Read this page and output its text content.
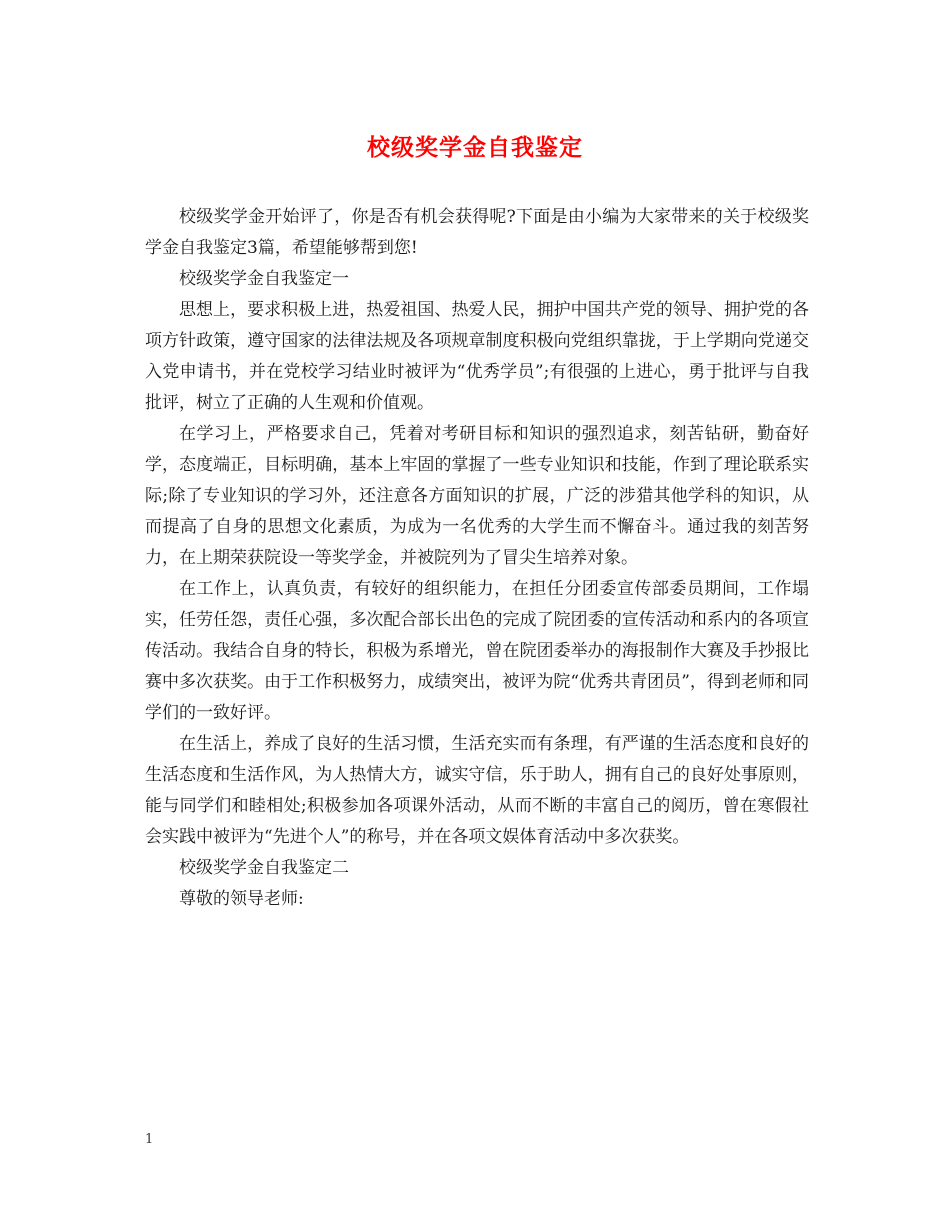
校级奖学金自我鉴定

校级奖学金开始评了，你是否有机会获得呢?下面是由小编为大家带来的关于校级奖学金自我鉴定3篇，希望能够帮到您!

校级奖学金自我鉴定一

思想上，要求积极上进，热爱祖国、热爱人民，拥护中国共产党的领导、拥护党的各项方针政策，遵守国家的法律法规及各项规章制度积极向党组织靠拢，于上学期向党递交入党申请书，并在党校学习结业时被评为“优秀学员”;有很强的上进心，勇于批评与自我批评，树立了正确的人生观和价值观。

在学习上，严格要求自己，凭着对考研目标和知识的强烈追求，刻苦钻研，勤奋好学，态度端正，目标明确，基本上牢固的掌握了一些专业知识和技能，作到了理论联系实际;除了专业知识的学习外，还注意各方面知识的扩展，广泛的涉猎其他学科的知识，从而提高了自身的思想文化素质，为成为一名优秀的大学生而不懈奋斗。通过我的刻苦努力，在上期荣获院设一等奖学金，并被院列为了冒尖生培养对象。

在工作上，认真负责，有较好的组织能力，在担任分团委宣传部委员期间，工作塌实，任劳任怨，责任心强，多次配合部长出色的完成了院团委的宣传活动和系内的各项宣传活动。我结合自身的特长，积极为系增光，曾在院团委举办的海报制作大赛及手抄报比赛中多次获奖。由于工作积极努力，成绩突出，被评为院“优秀共青团员”，得到老师和同学们的一致好评。

在生活上，养成了良好的生活习惯，生活充实而有条理，有严谨的生活态度和良好的生活态度和生活作风，为人热情大方，诚实守信，乐于助人，拥有自己的良好处事原则，能与同学们和睦相处;积极参加各项课外活动，从而不断的丰富自己的阅历，曾在寒假社会实践中被评为“先进个人”的称号，并在各项文娱体育活动中多次获奖。

校级奖学金自我鉴定二

尊敬的领导老师:

1
